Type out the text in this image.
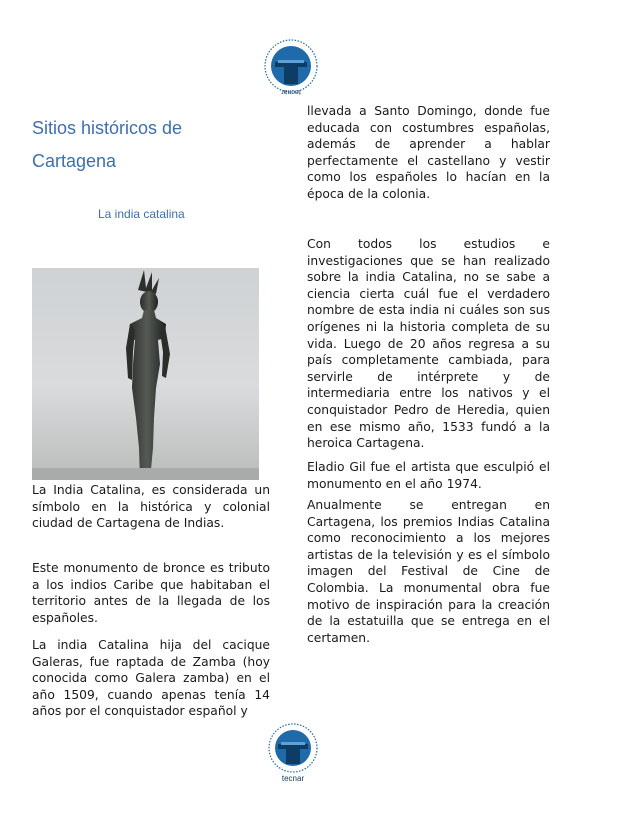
tecnar
Sitios históricos de
Cartagena
La india catalina

La India Catalina, es considerada un símbolo en la histórica y colonial ciudad de Cartagena de Indias.

Este monumento de bronce es tributo a los indios Caribe que habitaban el territorio antes de la llegada de los españoles.

La india Catalina hija del cacique Galeras, fue raptada de Zamba (hoy conocida como Galera zamba) en el año 1509, cuando apenas tenía 14 años por el conquistador español y

llevada a Santo Domingo, donde fue educada con costumbres españolas, además de aprender a hablar perfectamente el castellano y vestir como los españoles lo hacían en la época de la colonia.

Con todos los estudios e investigaciones que se han realizado sobre la india Catalina, no se sabe a ciencia cierta cuál fue el verdadero nombre de esta india ni cuáles son sus orígenes ni la historia completa de su vida. Luego de 20 años regresa a su país completamente cambiada, para servirle de intérprete y de intermediaria entre los nativos y el conquistador Pedro de Heredia, quien en ese mismo año, 1533 fundó a la heroica Cartagena.

Eladio Gil fue el artista que esculpió el monumento en el año 1974.

Anualmente se entregan en Cartagena, los premios Indias Catalina como reconocimiento a los mejores artistas de la televisión y es el símbolo imagen del Festival de Cine de Colombia. La monumental obra fue motivo de inspiración para la creación de la estatuilla que se entrega en el certamen.

tecnar
